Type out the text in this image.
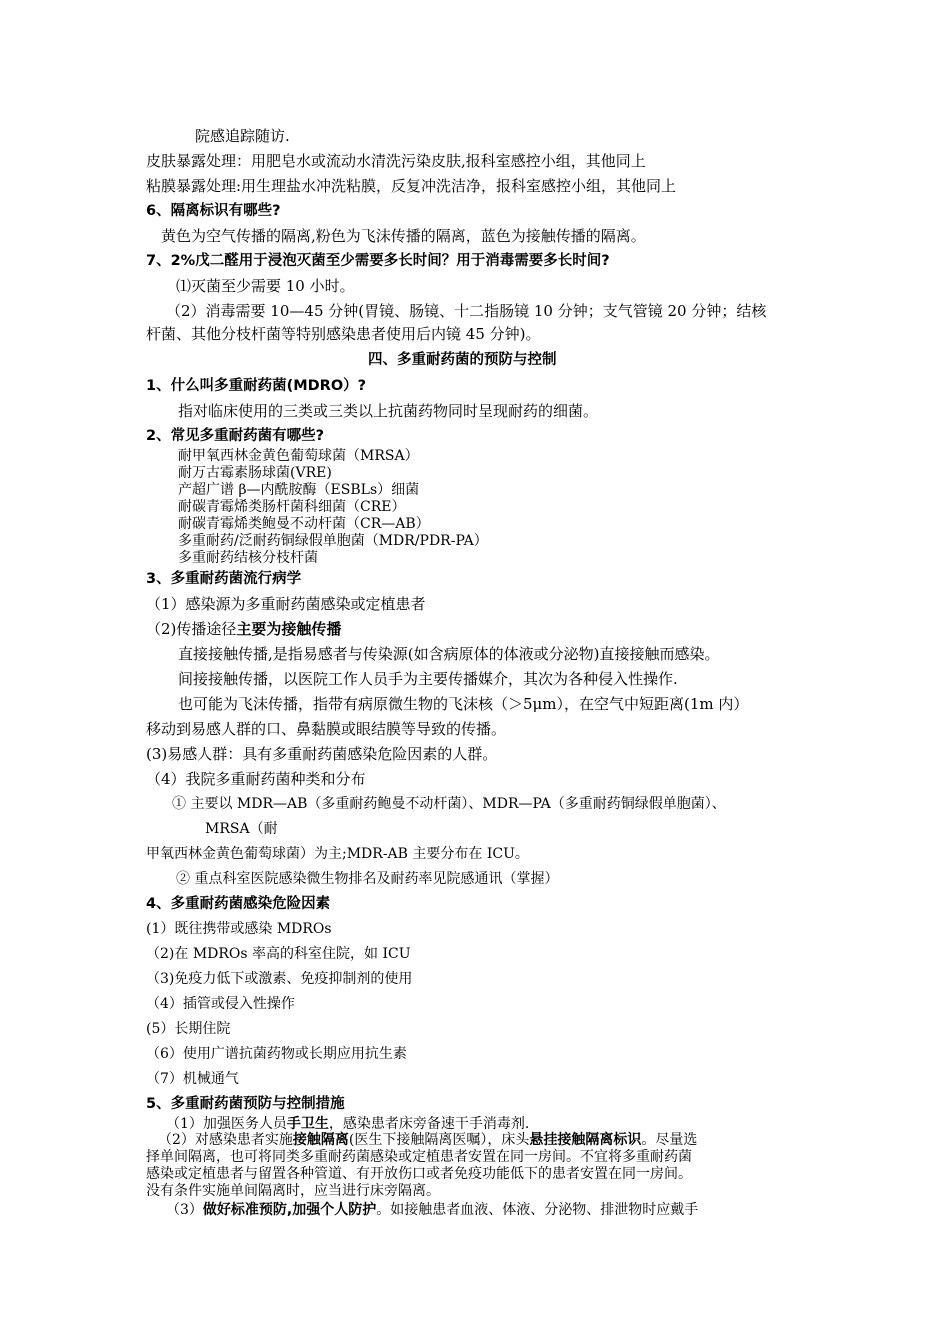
院感追踪随访.
皮肤暴露处理：用肥皂水或流动水清洗污染皮肤,报科室感控小组，其他同上
粘膜暴露处理:用生理盐水冲洗粘膜，反复冲洗洁净，报科室感控小组，其他同上
6、隔离标识有哪些?
黄色为空气传播的隔离,粉色为飞沫传播的隔离，蓝色为接触传播的隔离。
7、2%戊二醛用于浸泡灭菌至少需要多长时间？用于消毒需要多长时间?
⑴灭菌至少需要 10 小时。
（2）消毒需要 10—45 分钟(胃镜、肠镜、十二指肠镜 10 分钟；支气管镜 20 分钟；结核
杆菌、其他分枝杆菌等特别感染患者使用后内镜 45 分钟)。
四、多重耐药菌的预防与控制
1、什么叫多重耐药菌(MDRO）?
指对临床使用的三类或三类以上抗菌药物同时呈现耐药的细菌。
2、常见多重耐药菌有哪些?
耐甲氧西林金黄色葡萄球菌（MRSA）
耐万古霉素肠球菌(VRE)
产超广谱 β—内酰胺酶（ESBLs）细菌
耐碳青霉烯类肠杆菌科细菌（CRE）
耐碳青霉烯类鲍曼不动杆菌（CR—AB）
多重耐药/泛耐药铜绿假单胞菌（MDR/PDR-PA）
多重耐药结核分枝杆菌
3、多重耐药菌流行病学
（1）感染源为多重耐药菌感染或定植患者
（2)传播途径主要为接触传播
直接接触传播,是指易感者与传染源(如含病原体的体液或分泌物)直接接触而感染。
间接接触传播，以医院工作人员手为主要传播媒介，其次为各种侵入性操作.
也可能为飞沫传播，指带有病原微生物的飞沫核（＞5μm），在空气中短距离(1m 内）
移动到易感人群的口、鼻黏膜或眼结膜等导致的传播。
(3)易感人群：具有多重耐药菌感染危险因素的人群。
（4）我院多重耐药菌种类和分布
① 主要以 MDR—AB（多重耐药鲍曼不动杆菌）、MDR—PA（多重耐药铜绿假单胞菌）、
MRSA（耐
甲氧西林金黄色葡萄球菌）为主;MDR-AB 主要分布在 ICU。
② 重点科室医院感染微生物排名及耐药率见院感通讯（掌握）
4、多重耐药菌感染危险因素
(1）既往携带或感染 MDROs
（2)在 MDROs 率高的科室住院，如 ICU
（3)免疫力低下或激素、免疫抑制剂的使用
（4）插管或侵入性操作
(5）长期住院
（6）使用广谱抗菌药物或长期应用抗生素
（7）机械通气
5、多重耐药菌预防与控制措施
（1）加强医务人员手卫生，感染患者床旁备速干手消毒剂.
（2）对感染患者实施接触隔离(医生下接触隔离医嘱），床头悬挂接触隔离标识。尽量选
择单间隔离，也可将同类多重耐药菌感染或定植患者安置在同一房间。不宜将多重耐药菌
感染或定植患者与留置各种管道、有开放伤口或者免疫功能低下的患者安置在同一房间。
没有条件实施单间隔离时，应当进行床旁隔离。
（3）做好标准预防,加强个人防护。如接触患者血液、体液、分泌物、排泄物时应戴手
